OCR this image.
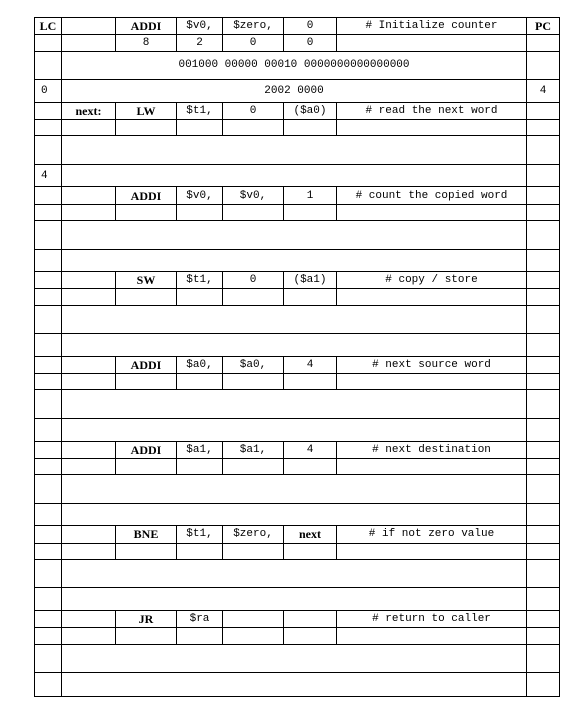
LC		ADDI	$v0,	$zero,	0	# Initialize counter	PC
		8	2	0	0		
	001000 00000 00010 0000000000000000						
0	2002 0000						4
	next:	LW	$t1,	0	($a0)	# read the next word	

4							
		ADDI	$v0,	$v0,	1	# count the copied word	

		SW	$t1,	0	($a1)	# copy / store	

		ADDI	$a0,	$a0,	4	# next source word	

		ADDI	$a1,	$a1,	4	# next destination	

		BNE	$t1,	$zero,	next	# if not zero value	

		JR	$ra			# return to caller	
